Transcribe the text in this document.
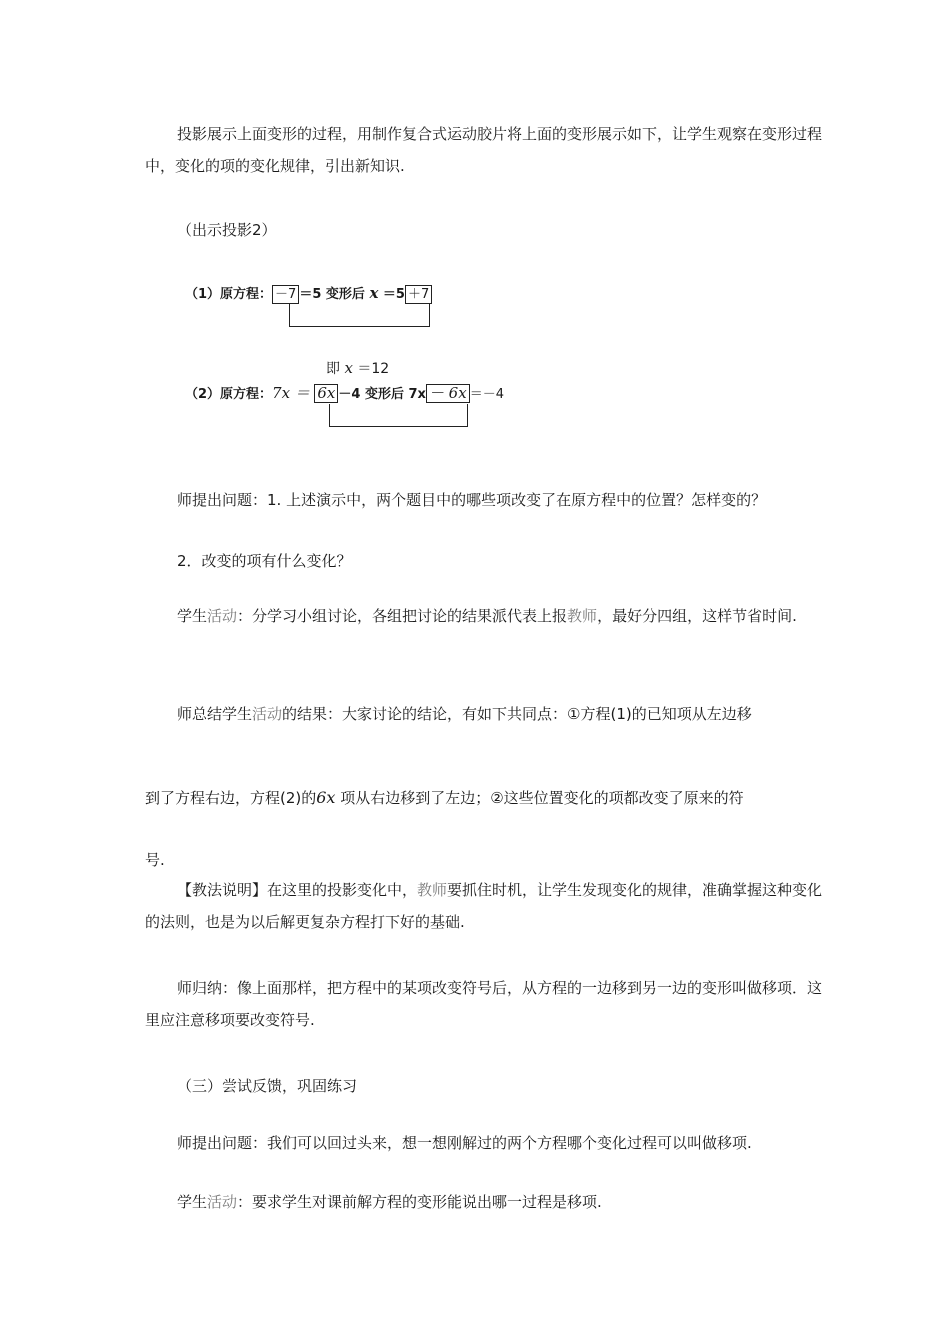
投影展示上面变形的过程，用制作复合式运动胶片将上面的变形展示如下，让学生观察在变形过程中，变化的项的变化规律，引出新知识.

（出示投影2）

（1）原方程： －7 ＝5 变形后 x ＝5 ＋7
即 x ＝12
（2）原方程：7x ＝ 6x －4 变形后 7x － 6x ＝－4

师提出问题：1. 上述演示中，两个题目中的哪些项改变了在原方程中的位置？怎样变的？

2．改变的项有什么变化？

学生活动：分学习小组讨论，各组把讨论的结果派代表上报教师，最好分四组，这样节省时间.

师总结学生活动的结果：大家讨论的结论，有如下共同点：①方程(1)的已知项从左边移
到了方程右边，方程(2)的6x 项从右边移到了左边；②这些位置变化的项都改变了原来的符
号.

【教法说明】在这里的投影变化中，教师要抓住时机，让学生发现变化的规律，准确掌握这种变化的法则，也是为以后解更复杂方程打下好的基础.

师归纳：像上面那样，把方程中的某项改变符号后，从方程的一边移到另一边的变形叫做移项．这里应注意移项要改变符号.

（三）尝试反馈，巩固练习

师提出问题：我们可以回过头来，想一想刚解过的两个方程哪个变化过程可以叫做移项.

学生活动：要求学生对课前解方程的变形能说出哪一过程是移项.
